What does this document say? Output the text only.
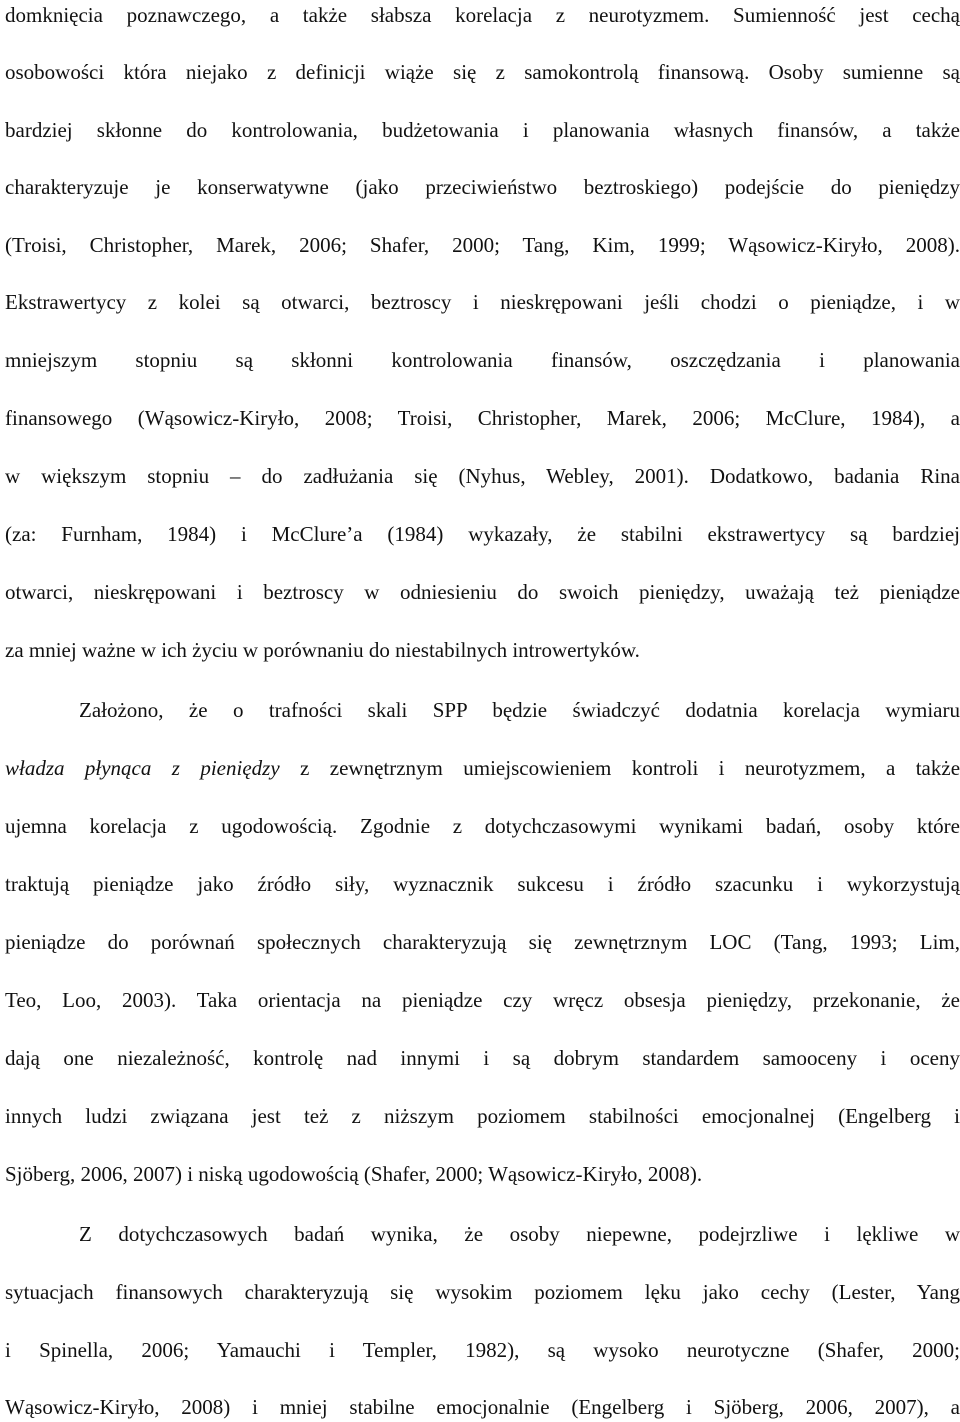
domknięcia poznawczego, a także słabsza korelacja z neurotyzmem. Sumienność jest cechą
osobowości która niejako z definicji wiąże się z samokontrolą finansową. Osoby sumienne są
bardziej skłonne do kontrolowania, budżetowania i planowania własnych finansów, a także
charakteryzuje je konserwatywne (jako przeciwieństwo beztroskiego) podejście do pieniędzy
(Troisi, Christopher, Marek, 2006; Shafer, 2000; Tang, Kim, 1999; Wąsowicz-Kiryło, 2008).
Ekstrawertycy z kolei są otwarci, beztroscy i nieskrępowani jeśli chodzi o pieniądze, i w
mniejszym stopniu są skłonni kontrolowania finansów, oszczędzania i planowania
finansowego (Wąsowicz-Kiryło, 2008; Troisi, Christopher, Marek, 2006; McClure, 1984), a
w większym stopniu – do zadłużania się (Nyhus, Webley, 2001). Dodatkowo, badania Rina
(za: Furnham, 1984) i McClure’a (1984) wykazały, że stabilni ekstrawertycy są bardziej
otwarci, nieskrępowani i beztroscy w odniesieniu do swoich pieniędzy, uważają też pieniądze
za mniej ważne w ich życiu w porównaniu do niestabilnych introwertyków.
Założono, że o trafności skali SPP będzie świadczyć dodatnia korelacja wymiaru
władza płynąca z pieniędzy z zewnętrznym umiejscowieniem kontroli i neurotyzmem, a także
ujemna korelacja z ugodowością. Zgodnie z dotychczasowymi wynikami badań, osoby które
traktują pieniądze jako źródło siły, wyznacznik sukcesu i źródło szacunku i wykorzystują
pieniądze do porównań społecznych charakteryzują się zewnętrznym LOC (Tang, 1993; Lim,
Teo, Loo, 2003). Taka orientacja na pieniądze czy wręcz obsesja pieniędzy, przekonanie, że
dają one niezależność, kontrolę nad innymi i są dobrym standardem samooceny i oceny
innych ludzi związana jest też z niższym poziomem stabilności emocjonalnej (Engelberg i
Sjöberg, 2006, 2007) i niską ugodowością (Shafer, 2000; Wąsowicz-Kiryło, 2008).
Z dotychczasowych badań wynika, że osoby niepewne, podejrzliwe i lękliwe w
sytuacjach finansowych charakteryzują się wysokim poziomem lęku jako cechy (Lester, Yang
i Spinella, 2006; Yamauchi i Templer, 1982), są wysoko neurotyczne (Shafer, 2000;
Wąsowicz-Kiryło, 2008) i mniej stabilne emocjonalnie (Engelberg i Sjöberg, 2006, 2007), a
